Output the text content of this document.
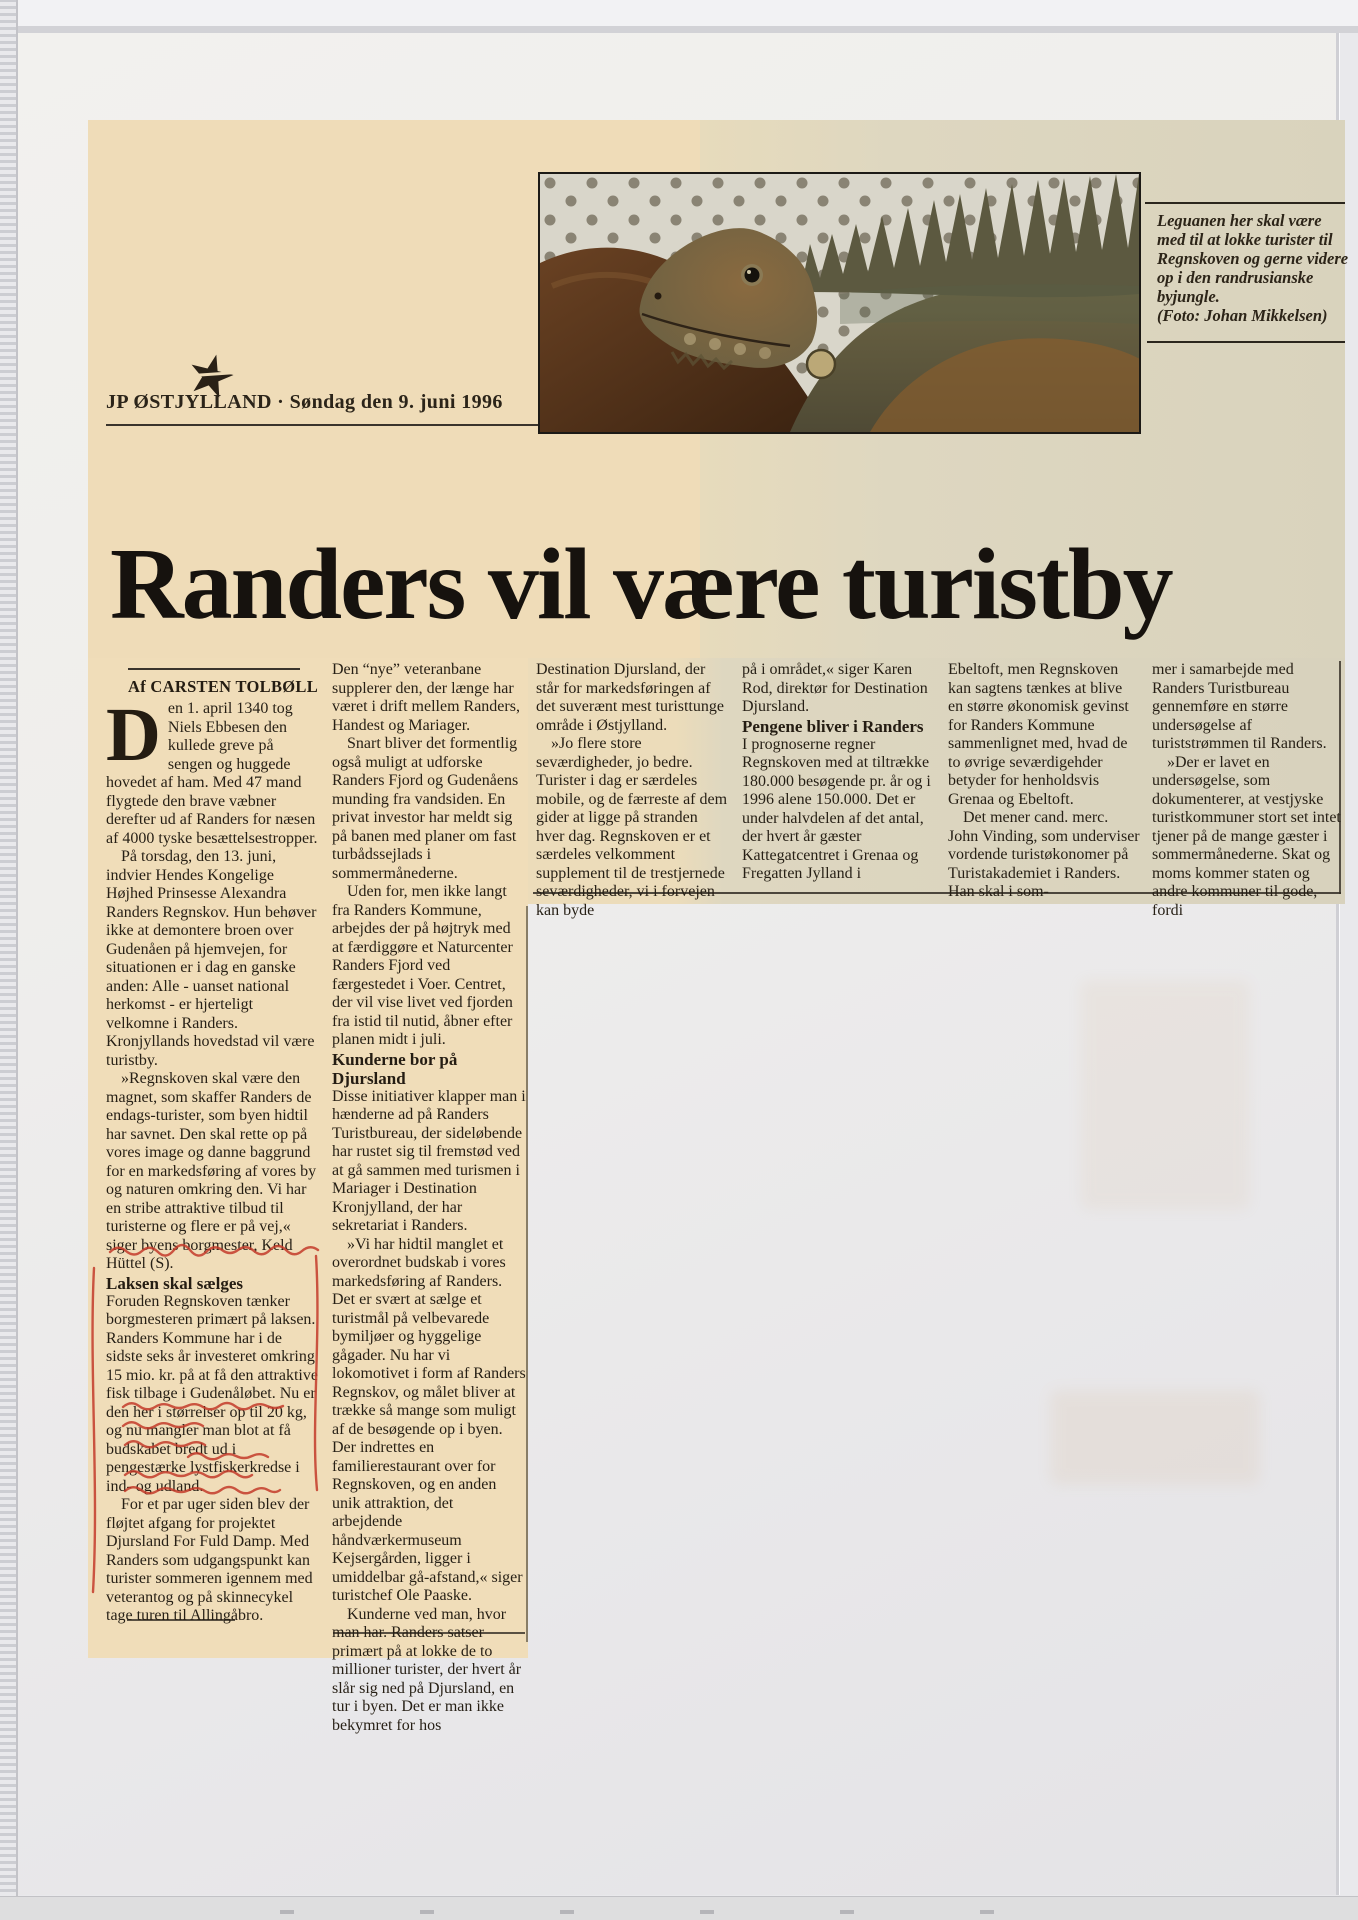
JP ØSTJYLLAND · Søndag den 9. juni 1996

Leguanen her skal være med til at lokke turister til Regnskoven og gerne videre op i den randrusianske byjungle.

(Foto: Johan Mikkelsen)

Randers vil være turistby
Af CARSTEN TOLBØLL

Den 1. april 1340 tog Niels Ebbesen den kullede greve på sengen og huggede hovedet af ham. Med 47 mand flygtede den brave væbner derefter ud af Randers for næsen af 4000 tyske besættelsestropper.

På torsdag, den 13. juni, indvier Hendes Kongelige Højhed Prinsesse Alexandra Randers Regnskov. Hun behøver ikke at demontere broen over Gudenåen på hjemvejen, for situationen er i dag en ganske anden: Alle - uanset national herkomst - er hjerteligt velkomne i Randers. Kronjyllands hovedstad vil være turistby.

»Regnskoven skal være den magnet, som skaffer Randers de endags-turister, som byen hidtil har savnet. Den skal rette op på vores image og danne baggrund for en markedsføring af vores by og naturen omkring den. Vi har en stribe attraktive tilbud til turisterne og flere er på vej,« siger byens borgmester, Keld Hüttel (S).

Laksen skal sælges

Foruden Regnskoven tænker borgmesteren primært på laksen. Randers Kommune har i de sidste seks år investeret omkring 15 mio. kr. på at få den attraktive fisk tilbage i Gudenåløbet. Nu er den her i størrelser op til 20 kg, og nu mangler man blot at få budskabet bredt ud i pengestærke lystfiskerkredse i ind- og udland.

For et par uger siden blev der fløjtet afgang for projektet Djursland For Fuld Damp. Med Randers som udgangspunkt kan turister sommeren igennem med veterantog og på skinnecykel tage turen til Allingåbro.

Den “nye” veteranbane supplerer den, der længe har været i drift mellem Randers, Handest og Mariager.

Snart bliver det formentlig også muligt at udforske Randers Fjord og Gudenåens munding fra vandsiden. En privat investor har meldt sig på banen med planer om fast turbådssejlads i sommermånederne.

Uden for, men ikke langt fra Randers Kommune, arbejdes der på højtryk med at færdiggøre et Naturcenter Randers Fjord ved færgestedet i Voer. Centret, der vil vise livet ved fjorden fra istid til nutid, åbner efter planen midt i juli.

Kunderne bor på Djursland

Disse initiativer klapper man i hænderne ad på Randers Turistbureau, der sideløbende har rustet sig til fremstød ved at gå sammen med turismen i Mariager i Destination Kronjylland, der har sekretariat i Randers.

»Vi har hidtil manglet et overordnet budskab i vores markedsføring af Randers. Det er svært at sælge et turistmål på velbevarede bymiljøer og hyggelige gågader. Nu har vi lokomotivet i form af Randers Regnskov, og målet bliver at trække så mange som muligt af de besøgende op i byen. Der indrettes en familierestaurant over for Regnskoven, og en anden unik attraktion, det arbejdende håndværkermuseum Kejsergården, ligger i umiddelbar gå-afstand,« siger turistchef Ole Paaske.

Kunderne ved man, hvor man har. Randers satser primært på at lokke de to millioner turister, der hvert år slår sig ned på Djursland, en tur i byen. Det er man ikke bekymret for hos

Destination Djursland, der står for markedsføringen af det suverænt mest turisttunge område i Østjylland.

»Jo flere store seværdigheder, jo bedre. Turister i dag er særdeles mobile, og de færreste af dem gider at ligge på stranden hver dag. Regnskoven er et særdeles velkomment supplement til de trestjernede seværdigheder, vi i forvejen kan byde

på i området,« siger Karen Rod, direktør for Destination Djursland.

Pengene bliver i Randers

I prognoserne regner Regnskoven med at tiltrække 180.000 besøgende pr. år og i 1996 alene 150.000. Det er under halvdelen af det antal, der hvert år gæster Kattegatcentret i Grenaa og Fregatten Jylland i

Ebeltoft, men Regnskoven kan sagtens tænkes at blive en større økonomisk gevinst for Randers Kommune sammenlignet med, hvad de to øvrige seværdigehder betyder for henholdsvis Grenaa og Ebeltoft.

Det mener cand. merc. John Vinding, som underviser vordende turistøkonomer på Turistakademiet i Randers. Han skal i som-

mer i samarbejde med Randers Turistbureau gennemføre en større undersøgelse af turiststrømmen til Randers.

»Der er lavet en undersøgelse, som dokumenterer, at vestjyske turistkommuner stort set intet tjener på de mange gæster i sommermånederne. Skat og moms kommer staten og andre kommuner til gode, fordi
